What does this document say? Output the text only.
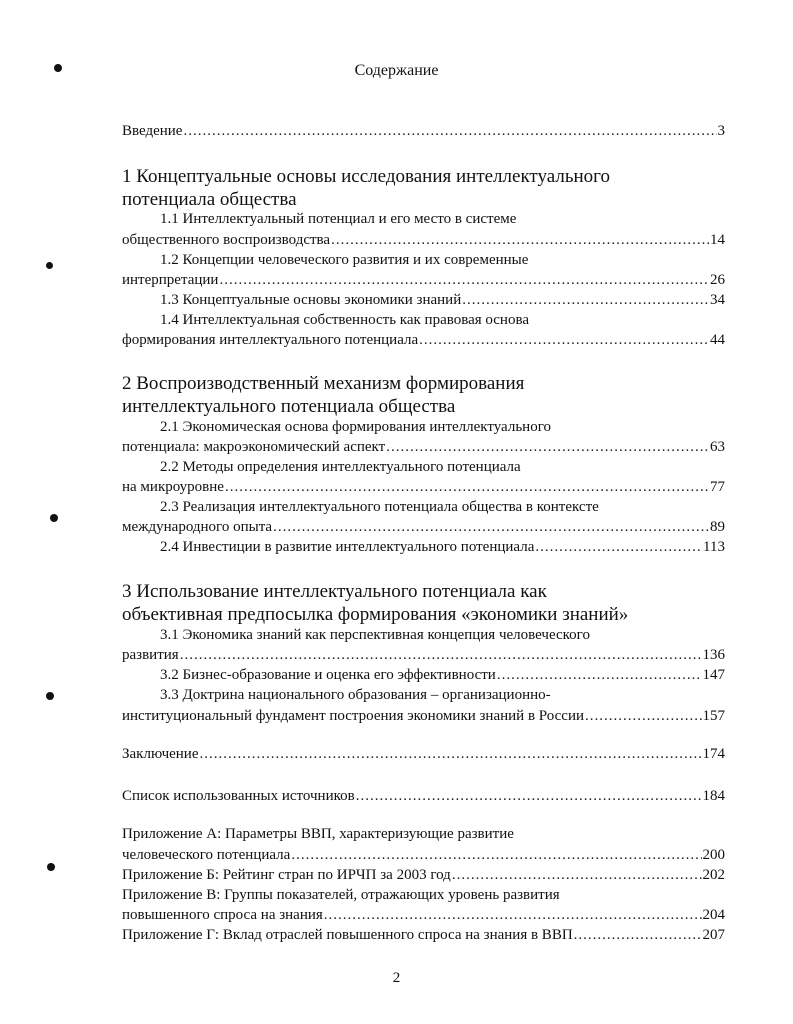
Содержание
Введение .....	3
1 Концептуальные основы исследования интеллектуального
потенциала общества
1.1 Интеллектуальный потенциал и его место в системе
общественного воспроизводства .....	14
1.2 Концепции человеческого развития и их современные
интерпретации .....	26
1.3 Концептуальные основы экономики знаний .....	34
1.4 Интеллектуальная собственность как правовая основа
формирования интеллектуального потенциала .....	44
2 Воспроизводственный механизм формирования
интеллектуального потенциала общества
2.1 Экономическая основа формирования интеллектуального
потенциала: макроэкономический аспект .....	63
2.2 Методы определения интеллектуального потенциала
на микроуровне .....	77
2.3 Реализация интеллектуального потенциала общества в контексте
международного опыта .....	89
2.4 Инвестиции в развитие интеллектуального потенциала .....	113
3 Использование интеллектуального потенциала как
объективная предпосылка формирования «экономики знаний»
3.1 Экономика знаний как перспективная концепция человеческого
развития .....	136
3.2 Бизнес-образование и оценка его эффективности .....	147
3.3 Доктрина национального образования – организационно-
институциональный фундамент построения экономики знаний в России .....	157
Заключение .....	174
Список использованных источников .....	184
Приложение А: Параметры ВВП, характеризующие развитие
человеческого потенциала .....	200
Приложение Б: Рейтинг стран по ИРЧП за 2003 год .....	202
Приложение В: Группы показателей, отражающих уровень развития
повышенного спроса на знания .....	204
Приложение Г: Вклад отраслей повышенного спроса на знания в ВВП .....	207
2
